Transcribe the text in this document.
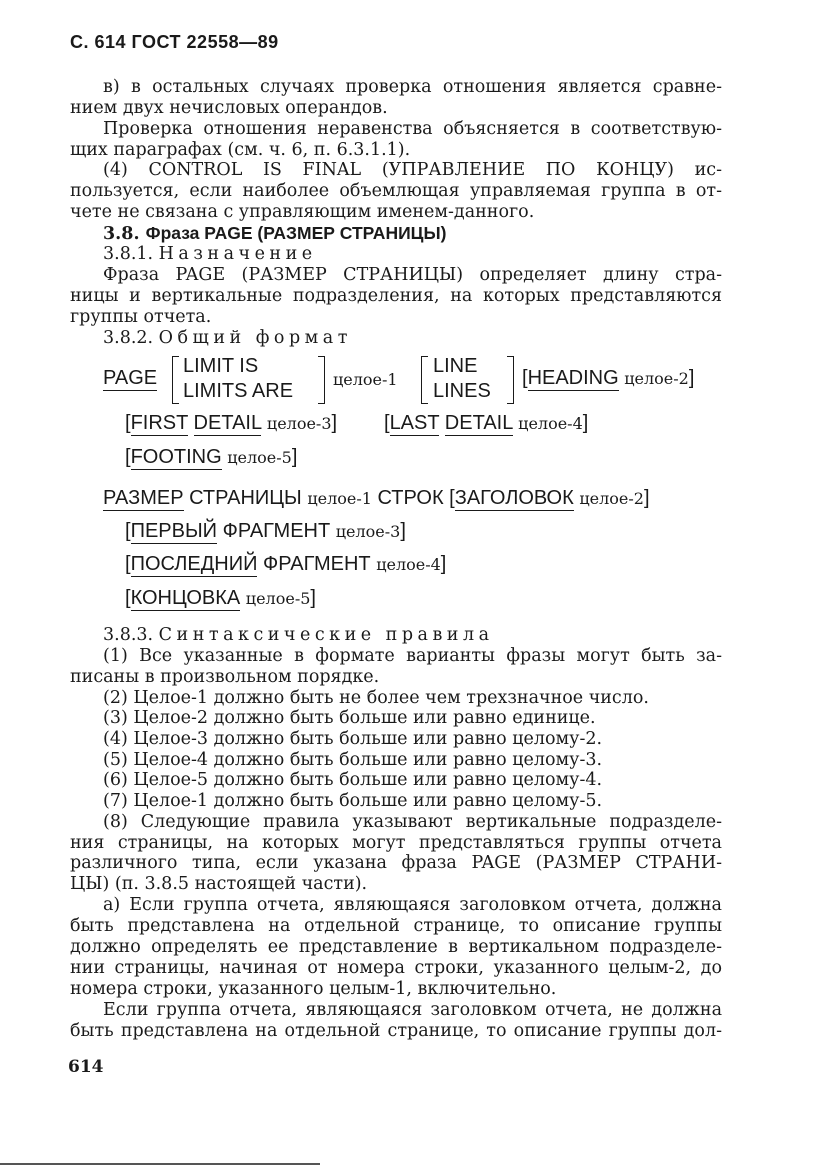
С. 614 ГОСТ 22558—89
в) в остальных случаях проверка отношения является сравне-
нием двух нечисловых операндов.
Проверка отношения неравенства объясняется в соответствую-
щих параграфах (см. ч. 6, п. 6.3.1.1).
(4) CONTROL IS FINAL (УПРАВЛЕНИЕ ПО КОНЦУ) ис-
пользуется, если наиболее объемлющая управляемая группа в от-
чете не связана с управляющим именем-данного.
3.8. Фраза PAGE (РАЗМЕР СТРАНИЦЫ)
3.8.1. Назначение
Фраза PAGE (РАЗМЕР СТРАНИЦЫ) определяет длину стра-
ницы и вертикальные подразделения, на которых представляются
группы отчета.
3.8.2. Общий формат
PAGE
LIMIT IS
LIMITS ARE
целое-1
LINE
LINES
[HEADING целое-2]
[FIRST DETAIL целое-3] [LAST DETAIL целое-4]
[FOOTING целое-5]
РАЗМЕР СТРАНИЦЫ целое-1 СТРОК [ЗАГОЛОВОК целое-2]
[ПЕРВЫЙ ФРАГМЕНТ целое-3]
[ПОСЛЕДНИЙ ФРАГМЕНТ целое-4]
[КОНЦОВКА целое-5]
3.8.3. Синтаксические правила
(1) Все указанные в формате варианты фразы могут быть за-
писаны в произвольном порядке.
(2) Целое-1 должно быть не более чем трехзначное число.
(3) Целое-2 должно быть больше или равно единице.
(4) Целое-3 должно быть больше или равно целому-2.
(5) Целое-4 должно быть больше или равно целому-3.
(6) Целое-5 должно быть больше или равно целому-4.
(7) Целое-1 должно быть больше или равно целому-5.
(8) Следующие правила указывают вертикальные подразделе-
ния страницы, на которых могут представляться группы отчета
различного типа, если указана фраза PAGE (РАЗМЕР СТРАНИ-
ЦЫ) (п. 3.8.5 настоящей части).
а) Если группа отчета, являющаяся заголовком отчета, должна
быть представлена на отдельной странице, то описание группы
должно определять ее представление в вертикальном подразделе-
нии страницы, начиная от номера строки, указанного целым-2, до
номера строки, указанного целым-1, включительно.
Если группа отчета, являющаяся заголовком отчета, не должна
быть представлена на отдельной странице, то описание группы дол-
614
